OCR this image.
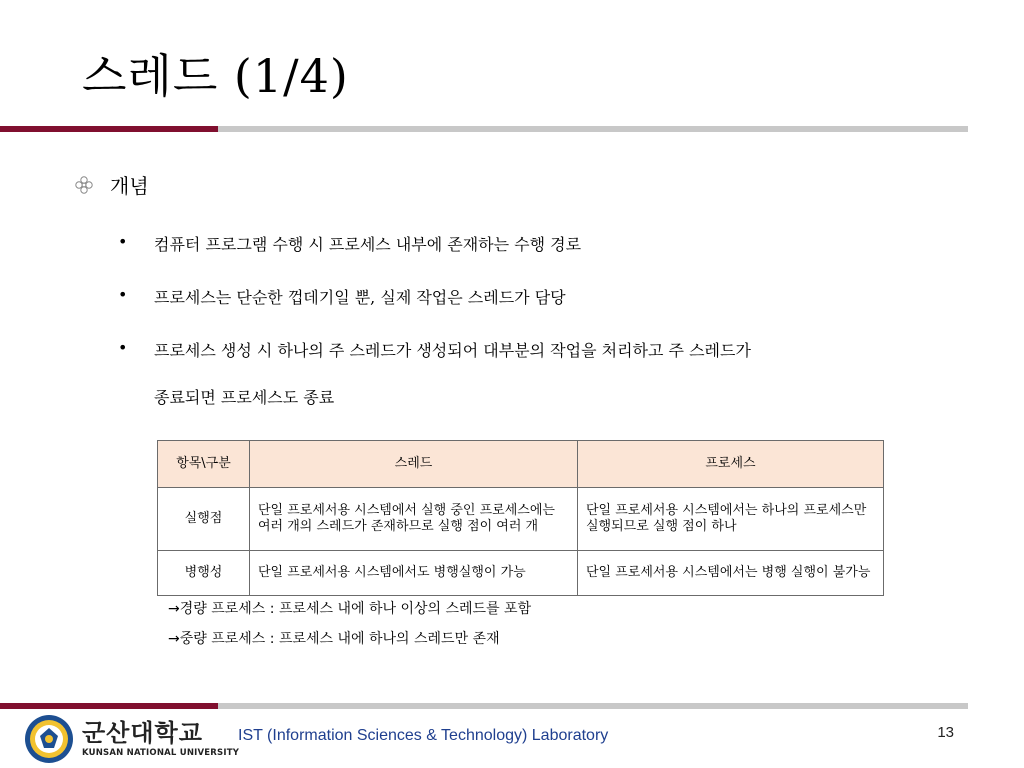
스레드 (1/4)
개념
•	컴퓨터 프로그램 수행 시 프로세스 내부에 존재하는 수행 경로
•	프로세스는 단순한 껍데기일 뿐, 실제 작업은 스레드가 담당
•	프로세스 생성 시 하나의 주 스레드가 생성되어 대부분의 작업을 처리하고 주 스레드가
종료되면 프로세스도 종료
항목\구분	스레드	프로세스
실행점	단일 프로세서용 시스템에서 실행 중인 프로세스에는 여러 개의 스레드가 존재하므로 실행 점이 여러 개	단일 프로세서용 시스템에서는 하나의 프로세스만 실행되므로 실행 점이 하나
병행성	단일 프로세서용 시스템에서도 병행실행이 가능	단일 프로세서용 시스템에서는 병행 실행이 불가능
→경량 프로세스 : 프로세스 내에 하나 이상의 스레드를 포함
→중량 프로세스 : 프로세스 내에 하나의 스레드만 존재
군산대학교
KUNSAN NATIONAL UNIVERSITY
IST (Information Sciences & Technology) Laboratory	13
